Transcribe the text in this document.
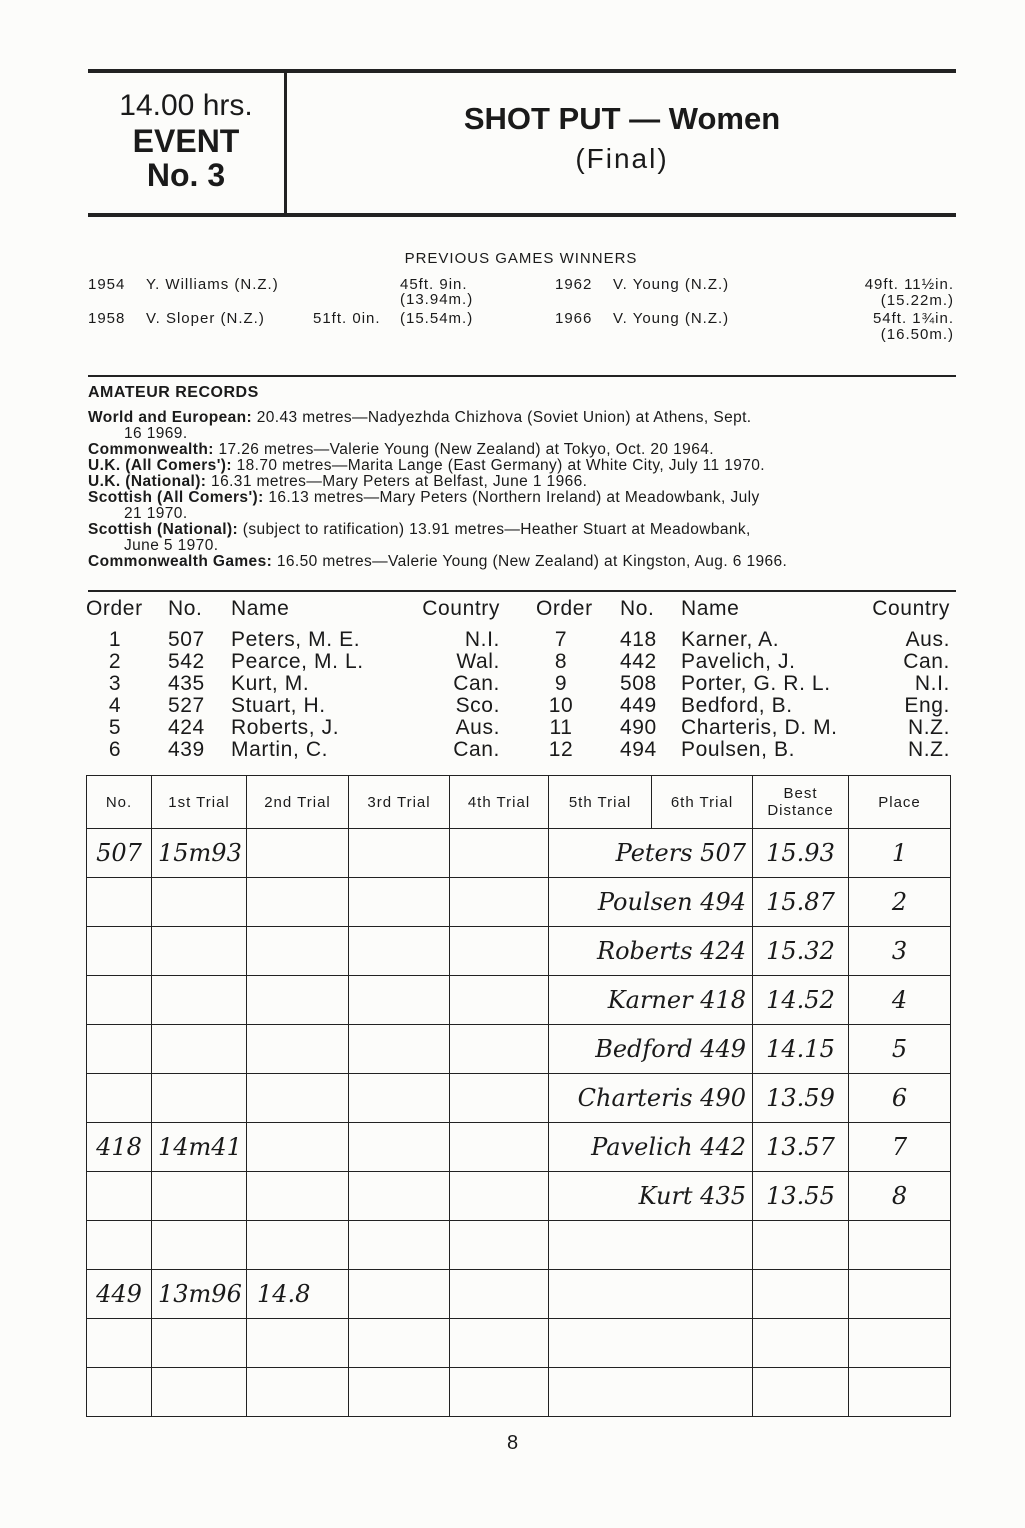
14.00 hrs.
EVENT
No. 3
SHOT PUT — Women
(Final)
PREVIOUS GAMES WINNERS
1954 Y. Williams (N.Z.)	45ft. 9in.
(13.94m.)
1958 V. Sloper (N.Z.)	51ft. 0in. (15.54m.)
1962 V. Young (N.Z.)	49ft. 11½in.
(15.22m.)
1966 V. Young (N.Z.)	54ft. 1¾in.
(16.50m.)
AMATEUR RECORDS
World and European: 20.43 metres—Nadyezhda Chizhova (Soviet Union) at Athens, Sept.
16 1969.
Commonwealth: 17.26 metres—Valerie Young (New Zealand) at Tokyo, Oct. 20 1964.
U.K. (All Comers'): 18.70 metres—Marita Lange (East Germany) at White City, July 11 1970.
U.K. (National): 16.31 metres—Mary Peters at Belfast, June 1 1966.
Scottish (All Comers'): 16.13 metres—Mary Peters (Northern Ireland) at Meadowbank, July
21 1970.
Scottish (National): (subject to ratification) 13.91 metres—Heather Stuart at Meadowbank,
June 5 1970.
Commonwealth Games: 16.50 metres—Valerie Young (New Zealand) at Kingston, Aug. 6 1966.
Order No.	Name	Country
1	507	Peters, M. E.	N.I.
2	542	Pearce, M. L.	Wal.
3	435	Kurt, M.	Can.
4	527	Stuart, H.	Sco.
5	424	Roberts, J.	Aus.
6	439	Martin, C.	Can.
Order No.	Name	Country
7	418	Karner, A.	Aus.
8	442	Pavelich, J.	Can.
9	508	Porter, G. R. L.	N.I.
10	449	Bedford, B.	Eng.
11	490	Charteris, D. M.	N.Z.
12	494	Poulsen, B.	N.Z.
No.	1st Trial	2nd Trial	3rd Trial	4th Trial	5th Trial	6th Trial	Best Distance	Place
507	15m93				Peters 507		15.93	1
					Poulsen 494		15.87	2
					Roberts 424		15.32	3
					Karner 418		14.52	4
					Bedford 449		14.15	5
					Charteris 490		13.59	6
418	14m41				Pavelich 442		13.57	7
					Kurt 435		13.55	8

449	13m96	14.8						

8
